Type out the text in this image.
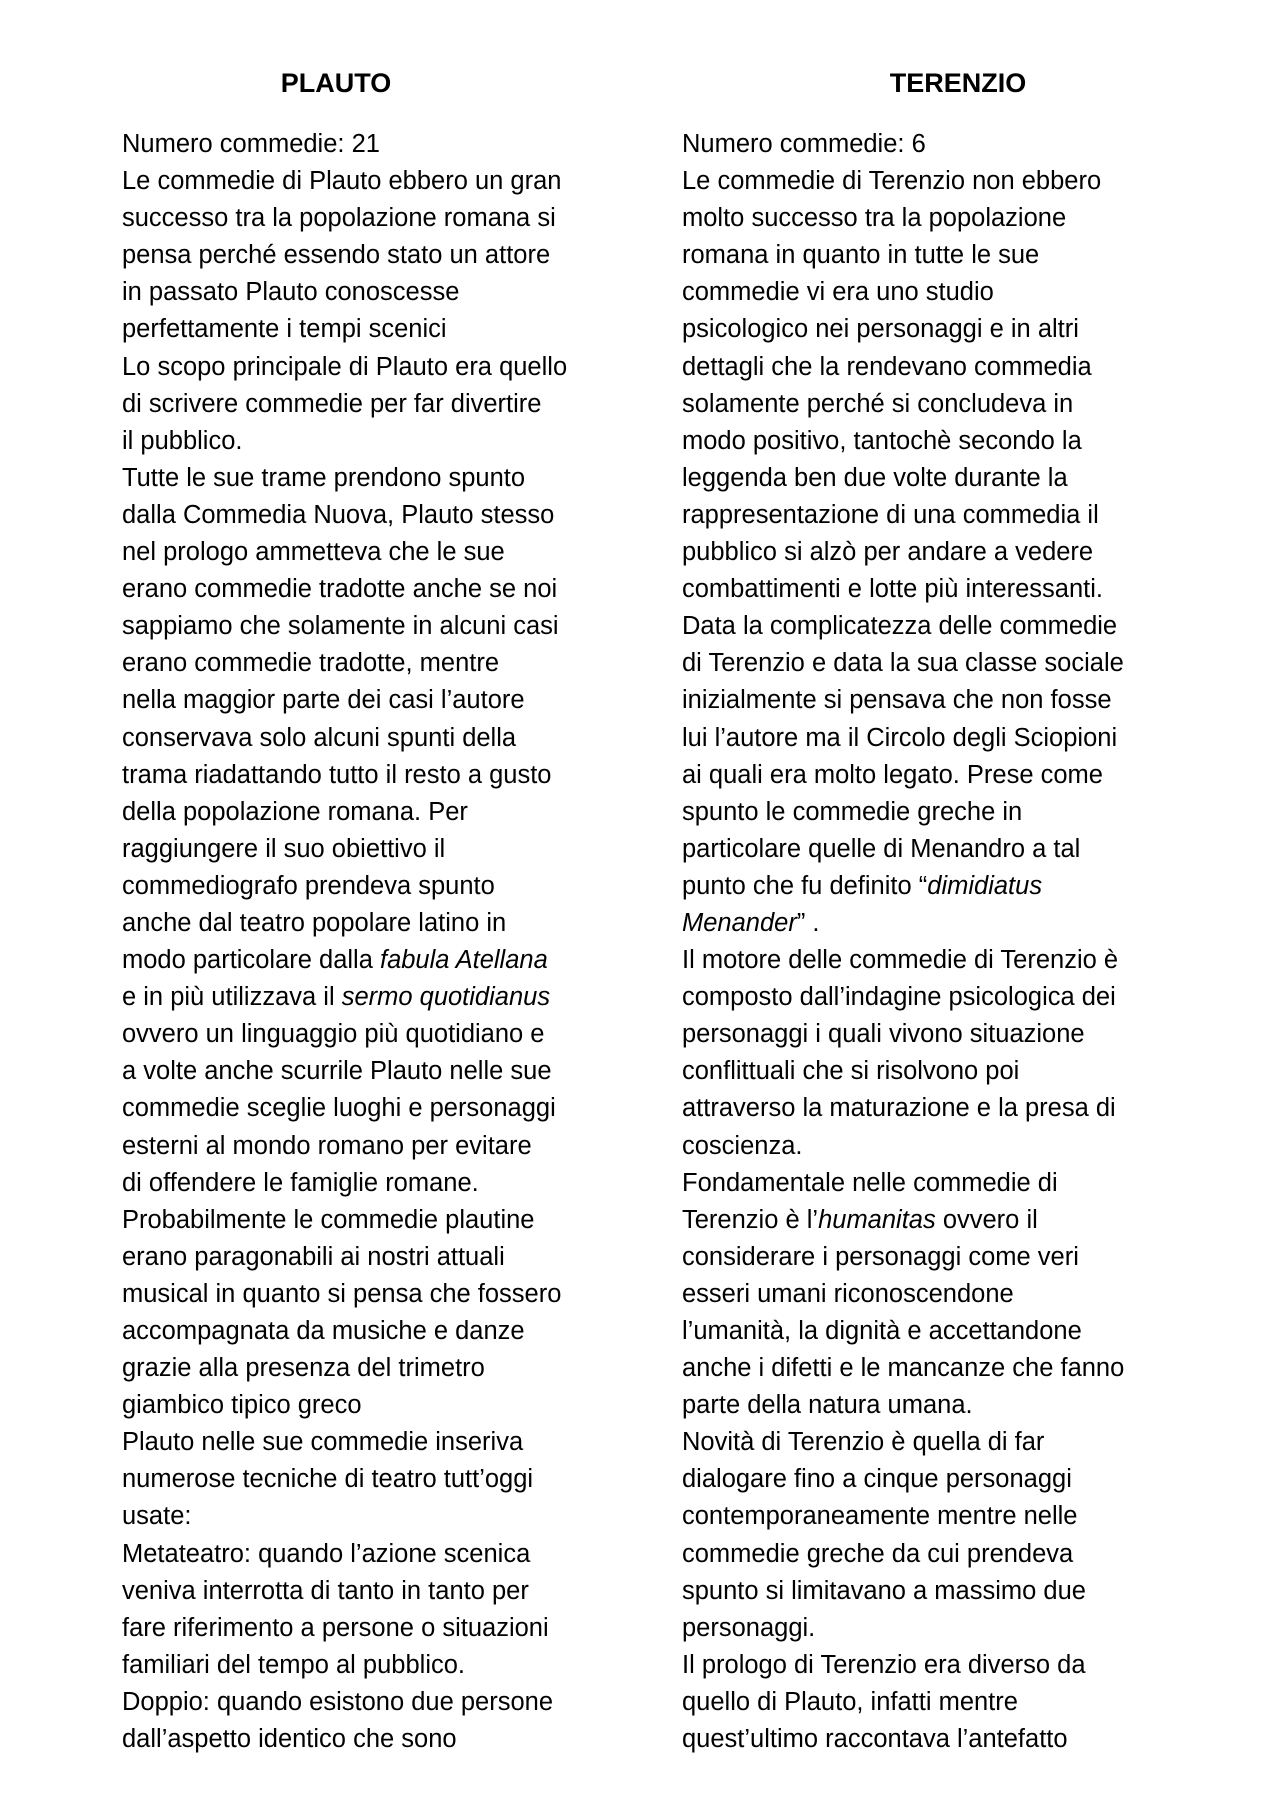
PLAUTO
Numero commedie: 21
Le commedie di Plauto ebbero un gran
successo tra la popolazione romana si
pensa perché essendo stato un attore
in passato Plauto conoscesse
perfettamente i tempi scenici
Lo scopo principale di Plauto era quello
di scrivere commedie per far divertire
il pubblico.
Tutte le sue trame prendono spunto
dalla Commedia Nuova, Plauto stesso
nel prologo ammetteva che le sue
erano commedie tradotte anche se noi
sappiamo che solamente in alcuni casi
erano commedie tradotte, mentre
nella maggior parte dei casi l’autore
conservava solo alcuni spunti della
trama riadattando tutto il resto a gusto
della popolazione romana. Per
raggiungere il suo obiettivo il
commediografo prendeva spunto
anche dal teatro popolare latino in
modo particolare dalla fabula Atellana
e in più utilizzava il sermo quotidianus
ovvero un linguaggio più quotidiano e
a volte anche scurrile Plauto nelle sue
commedie sceglie luoghi e personaggi
esterni al mondo romano per evitare
di offendere le famiglie romane.
Probabilmente le commedie plautine
erano paragonabili ai nostri attuali
musical in quanto si pensa che fossero
accompagnata da musiche e danze
grazie alla presenza del trimetro
giambico tipico greco
Plauto nelle sue commedie inseriva
numerose tecniche di teatro tutt’oggi
usate:
Metateatro: quando l’azione scenica
veniva interrotta di tanto in tanto per
fare riferimento a persone o situazioni
familiari del tempo al pubblico.
Doppio: quando esistono due persone
dall’aspetto identico che sono
TERENZIO
Numero commedie: 6
Le commedie di Terenzio non ebbero
molto successo tra la popolazione
romana in quanto in tutte le sue
commedie vi era uno studio
psicologico nei personaggi e in altri
dettagli che la rendevano commedia
solamente perché si concludeva in
modo positivo, tantochè secondo la
leggenda ben due volte durante la
rappresentazione di una commedia il
pubblico si alzò per andare a vedere
combattimenti e lotte più interessanti.
Data la complicatezza delle commedie
di Terenzio e data la sua classe sociale
inizialmente si pensava che non fosse
lui l’autore ma il Circolo degli Sciopioni
ai quali era molto legato. Prese come
spunto le commedie greche in
particolare quelle di Menandro a tal
punto che fu definito “dimidiatus
Menander” .
Il motore delle commedie di Terenzio è
composto dall’indagine psicologica dei
personaggi i quali vivono situazione
conflittuali che si risolvono poi
attraverso la maturazione e la presa di
coscienza.
Fondamentale nelle commedie di
Terenzio è l’humanitas ovvero il
considerare i personaggi come veri
esseri umani riconoscendone
l’umanità, la dignità e accettandone
anche i difetti e le mancanze che fanno
parte della natura umana.
Novità di Terenzio è quella di far
dialogare fino a cinque personaggi
contemporaneamente mentre nelle
commedie greche da cui prendeva
spunto si limitavano a massimo due
personaggi.
Il prologo di Terenzio era diverso da
quello di Plauto, infatti mentre
quest’ultimo raccontava l’antefatto
